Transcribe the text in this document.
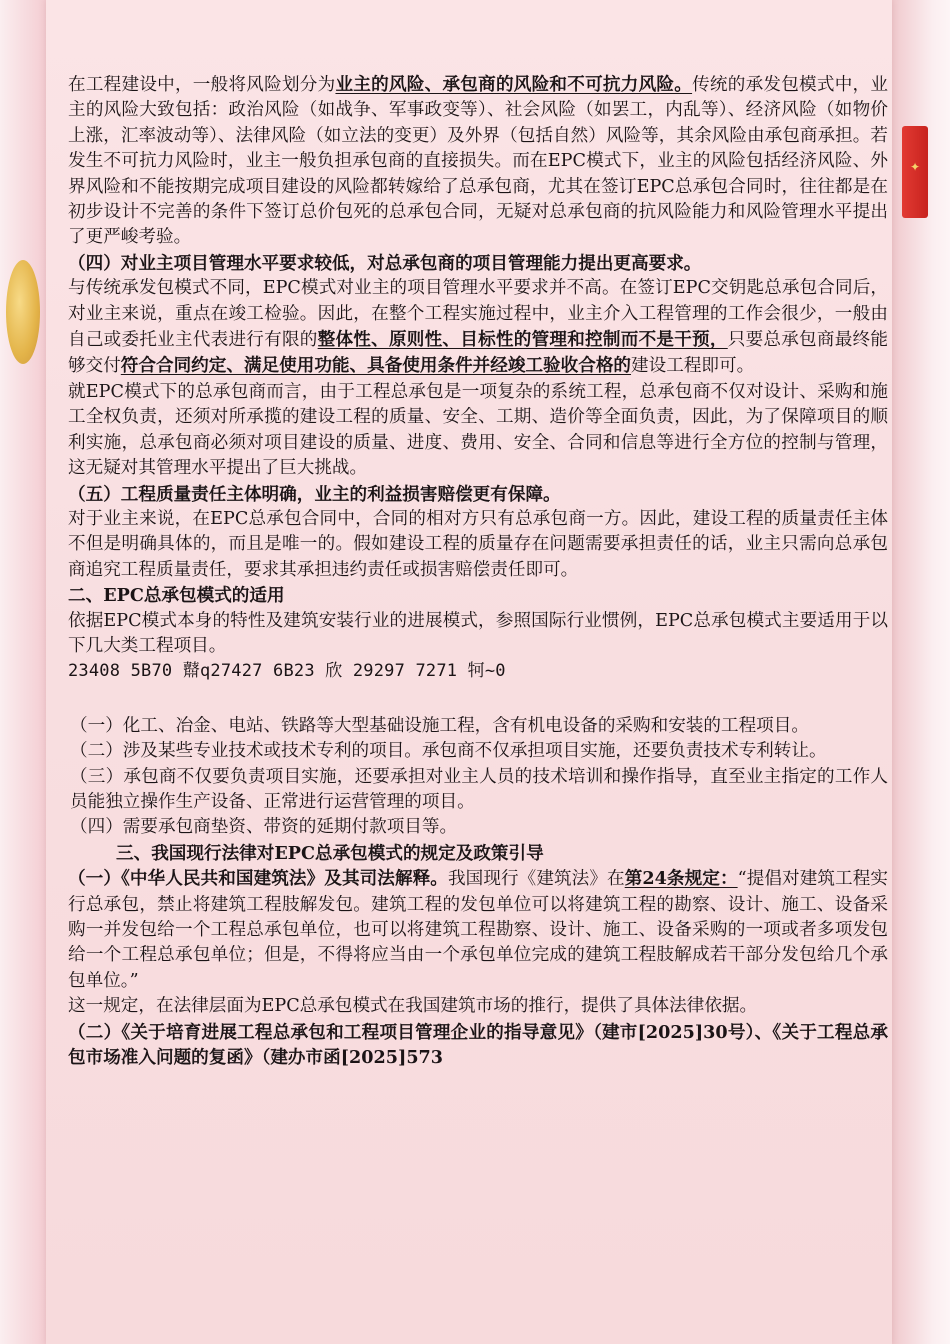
✦

在工程建设中，一般将风险划分为业主的风险、承包商的风险和不可抗力风险。传统的承发包模式中，业主的风险大致包括：政治风险（如战争、军事政变等）、社会风险（如罢工，内乱等）、经济风险（如物价上涨，汇率波动等）、法律风险（如立法的变更）及外界（包括自然）风险等，其余风险由承包商承担。若发生不可抗力风险时，业主一般负担承包商的直接损失。而在EPC模式下，业主的风险包括经济风险、外界风险和不能按期完成项目建设的风险都转嫁给了总承包商，尤其在签订EPC总承包合同时，往往都是在初步设计不完善的条件下签订总价包死的总承包合同，无疑对总承包商的抗风险能力和风险管理水平提出了更严峻考验。

（四）对业主项目管理水平要求较低，对总承包商的项目管理能力提出更高要求。

与传统承发包模式不同，EPC模式对业主的项目管理水平要求并不高。在签订EPC交钥匙总承包合同后，对业主来说，重点在竣工检验。因此，在整个工程实施过程中，业主介入工程管理的工作会很少，一般由自己或委托业主代表进行有限的整体性、原则性、目标性的管理和控制而不是干预，只要总承包商最终能够交付符合合同约定、满足使用功能、具备使用条件并经竣工验收合格的建设工程即可。

就EPC模式下的总承包商而言，由于工程总承包是一项复杂的系统工程，总承包商不仅对设计、采购和施工全权负责，还须对所承揽的建设工程的质量、安全、工期、造价等全面负责，因此，为了保障项目的顺利实施，总承包商必须对项目建设的质量、进度、费用、安全、合同和信息等进行全方位的控制与管理，这无疑对其管理水平提出了巨大挑战。

（五）工程质量责任主体明确，业主的利益损害赔偿更有保障。

对于业主来说，在EPC总承包合同中，合同的相对方只有总承包商一方。因此，建设工程的质量责任主体不但是明确具体的，而且是唯一的。假如建设工程的质量存在问题需要承担责任的话，业主只需向总承包商追究工程质量责任，要求其承担违约责任或损害赔偿责任即可。

二、EPC总承包模式的适用

依据EPC模式本身的特性及建筑安装行业的进展模式，参照国际行业惯例，EPC总承包模式主要适用于以下几大类工程项目。

23408 5B70 鼘q27427 6B23 欣 29297 7271 牱~0

（一）化工、冶金、电站、铁路等大型基础设施工程，含有机电设备的采购和安装的工程项目。

（二）涉及某些专业技术或技术专利的项目。承包商不仅承担项目实施，还要负责技术专利转让。

（三）承包商不仅要负责项目实施，还要承担对业主人员的技术培训和操作指导，直至业主指定的工作人员能独立操作生产设备、正常进行运营管理的项目。

（四）需要承包商垫资、带资的延期付款项目等。

三、我国现行法律对EPC总承包模式的规定及政策引导

（一）《中华人民共和国建筑法》及其司法解释。我国现行《建筑法》在第24条规定：“提倡对建筑工程实行总承包，禁止将建筑工程肢解发包。建筑工程的发包单位可以将建筑工程的勘察、设计、施工、设备采购一并发包给一个工程总承包单位，也可以将建筑工程勘察、设计、施工、设备采购的一项或者多项发包给一个工程总承包单位；但是，不得将应当由一个承包单位完成的建筑工程肢解成若干部分发包给几个承包单位。”

这一规定，在法律层面为EPC总承包模式在我国建筑市场的推行，提供了具体法律依据。

（二）《关于培育进展工程总承包和工程项目管理企业的指导意见》（建市[2025]30号）、《关于工程总承包市场准入问题的复函》（建办市函[2025]573
